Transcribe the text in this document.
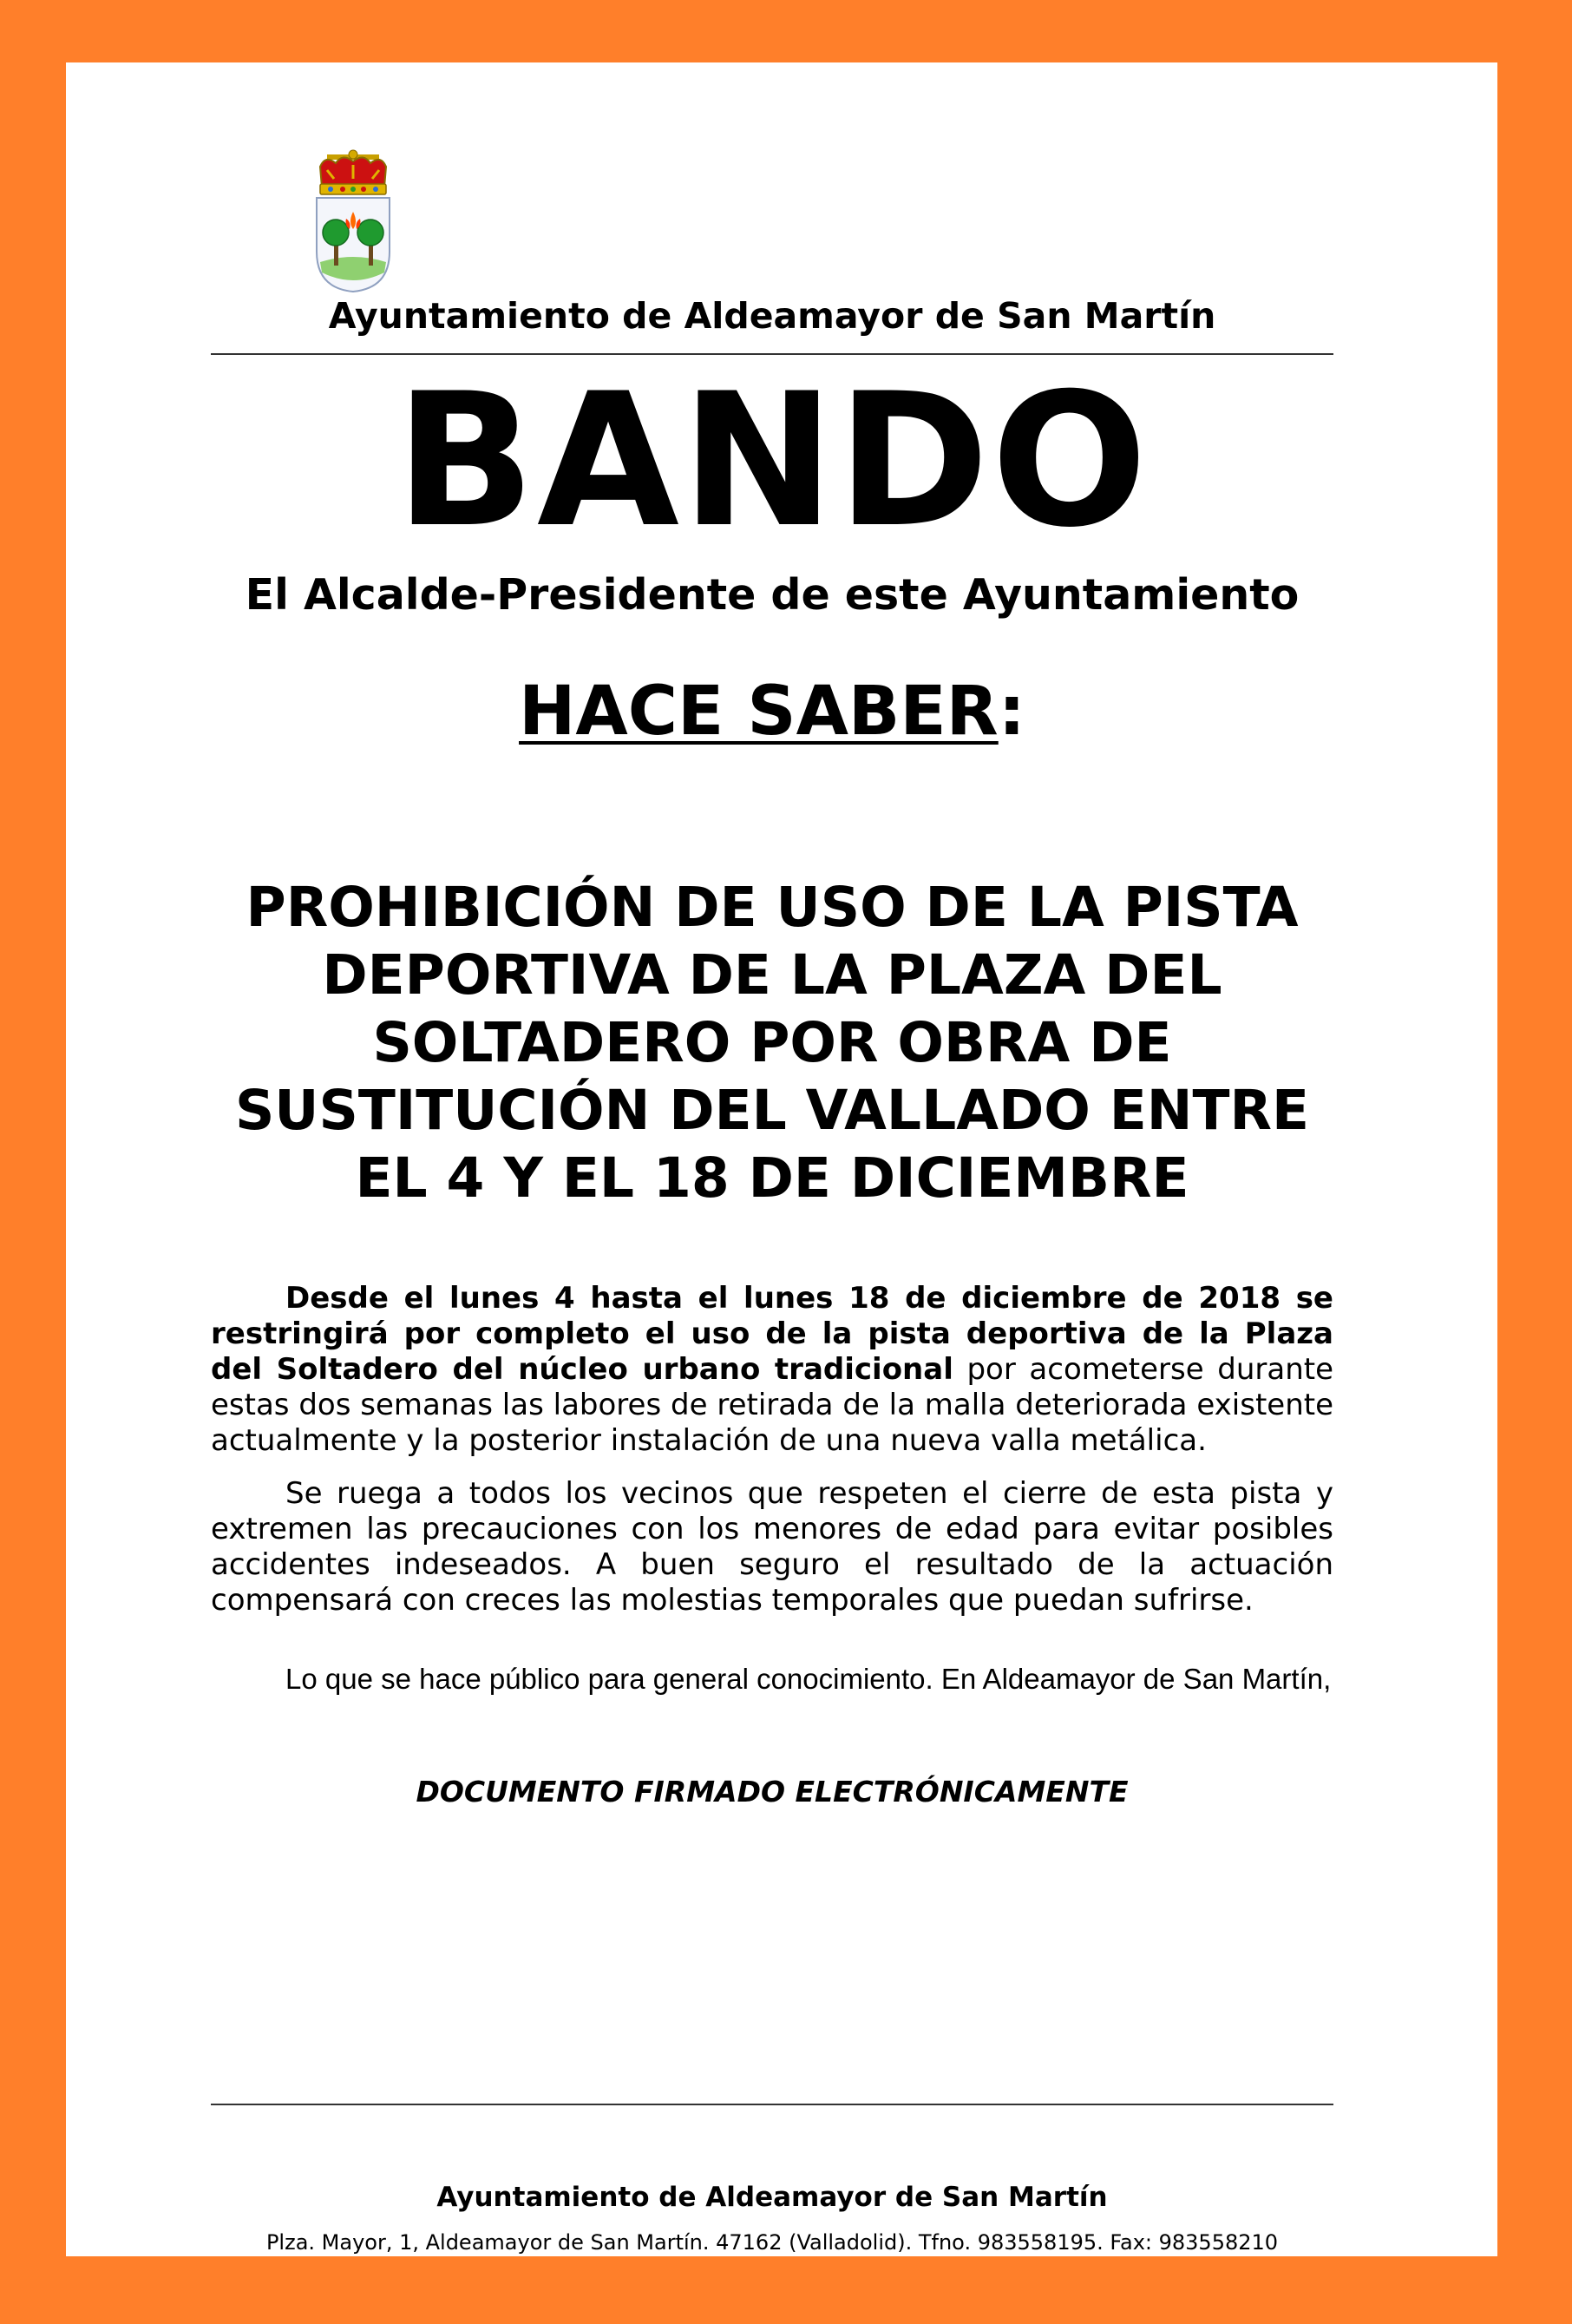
Ayuntamiento de Aldeamayor de San Martín
BANDO
El Alcalde-Presidente de este Ayuntamiento
HACE SABER:
PROHIBICIÓN DE USO DE LA PISTA
DEPORTIVA DE LA PLAZA DEL
SOLTADERO POR OBRA DE
SUSTITUCIÓN DEL VALLADO ENTRE
EL 4 Y EL 18 DE DICIEMBRE
Desde el lunes 4 hasta el lunes 18 de diciembre de 2018 se restringirá por completo el uso de la pista deportiva de la Plaza del Soltadero del núcleo urbano tradicional por acometerse durante estas dos semanas las labores de retirada de la malla deteriorada existente actualmente y la posterior instalación de una nueva valla metálica.
Se ruega a todos los vecinos que respeten el cierre de esta pista y extremen las precauciones con los menores de edad para evitar posibles accidentes indeseados. A buen seguro el resultado de la actuación compensará con creces las molestias temporales que puedan sufrirse.
Lo que se hace público para general conocimiento. En Aldeamayor de San Martín,
DOCUMENTO FIRMADO ELECTRÓNICAMENTE
Ayuntamiento de Aldeamayor de San Martín
Plza. Mayor, 1, Aldeamayor de San Martín. 47162 (Valladolid). Tfno. 983558195. Fax: 983558210
